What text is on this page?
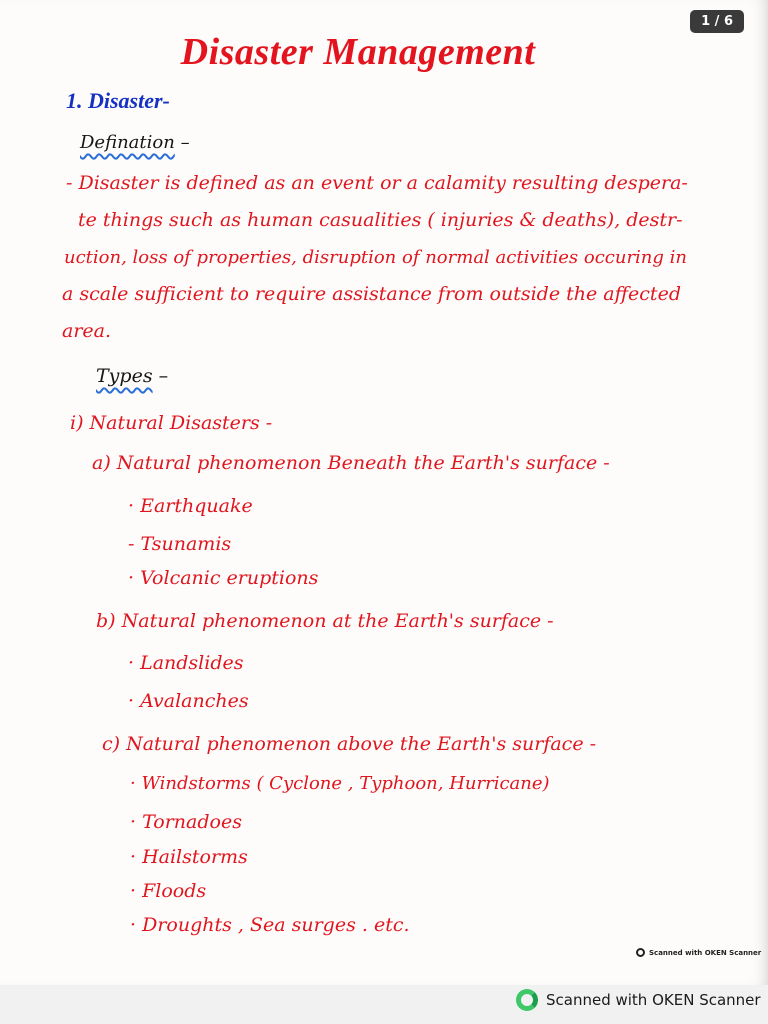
Disaster Management
1. Disaster-
Defination –
- Disaster is defined as an event or a calamity resulting despera-
te things such as human casualities ( injuries & deaths), destr-
uction, loss of properties, disruption of normal activities occuring in
a scale sufficient to require assistance from outside the affected
area.
Types –
i) Natural Disasters -
a) Natural phenomenon Beneath the Earth's surface -
· Earthquake
- Tsunamis
· Volcanic eruptions
b) Natural phenomenon at the Earth's surface -
· Landslides
· Avalanches
c) Natural phenomenon above the Earth's surface -
· Windstorms ( Cyclone , Typhoon, Hurricane)
· Tornadoes
· Hailstorms
· Floods
· Droughts , Sea surges . etc.
Scanned with OKEN Scanner
1 / 6
Scanned with OKEN Scanner
